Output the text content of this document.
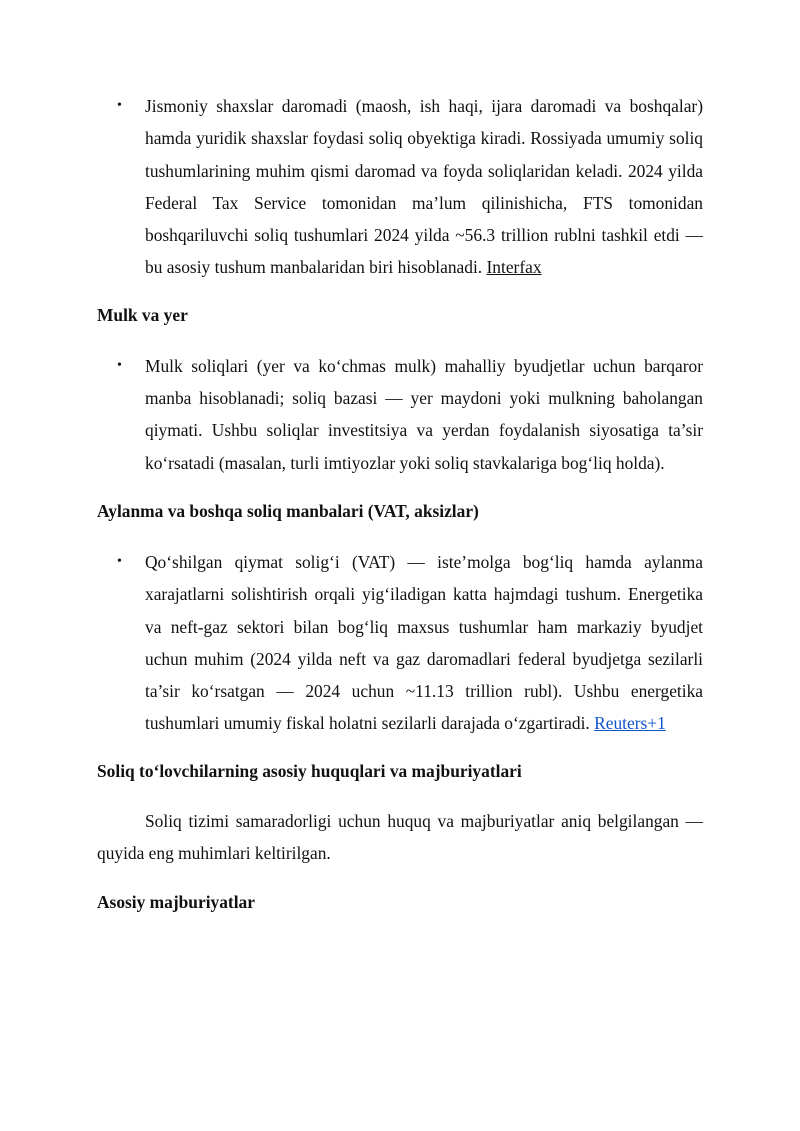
• Jismoniy shaxslar daromadi (maosh, ish haqi, ijara daromadi va boshqalar) hamda yuridik shaxslar foydasi soliq obyektiga kiradi. Rossiyada umumiy soliq tushumlarining muhim qismi daromad va foyda soliqlaridan keladi. 2024 yilda Federal Tax Service tomonidan ma’lum qilinishicha, FTS tomonidan boshqariluvchi soliq tushumlari 2024 yilda ~56.3 trillion rublni tashkil etdi — bu asosiy tushum manbalaridan biri hisoblanadi. Interfax

Mulk va yer

• Mulk soliqlari (yer va ko‘chmas mulk) mahalliy byudjetlar uchun barqaror manba hisoblanadi; soliq bazasi — yer maydoni yoki mulkning baholangan qiymati. Ushbu soliqlar investitsiya va yerdan foydalanish siyosatiga ta’sir ko‘rsatadi (masalan, turli imtiyozlar yoki soliq stavkalariga bog‘liq holda).

Aylanma va boshqa soliq manbalari (VAT, aksizlar)

• Qo‘shilgan qiymat solig‘i (VAT) — iste’molga bog‘liq hamda aylanma xarajatlarni solishtirish orqali yig‘iladigan katta hajmdagi tushum. Energetika va neft-gaz sektori bilan bog‘liq maxsus tushumlar ham markaziy byudjet uchun muhim (2024 yilda neft va gaz daromadlari federal byudjetga sezilarli ta’sir ko‘rsatgan — 2024 uchun ~11.13 trillion rubl). Ushbu energetika tushumlari umumiy fiskal holatni sezilarli darajada o‘zgartiradi. Reuters+1

Soliq to‘lovchilarning asosiy huquqlari va majburiyatlari

Soliq tizimi samaradorligi uchun huquq va majburiyatlar aniq belgilangan — quyida eng muhimlari keltirilgan.

Asosiy majburiyatlar
